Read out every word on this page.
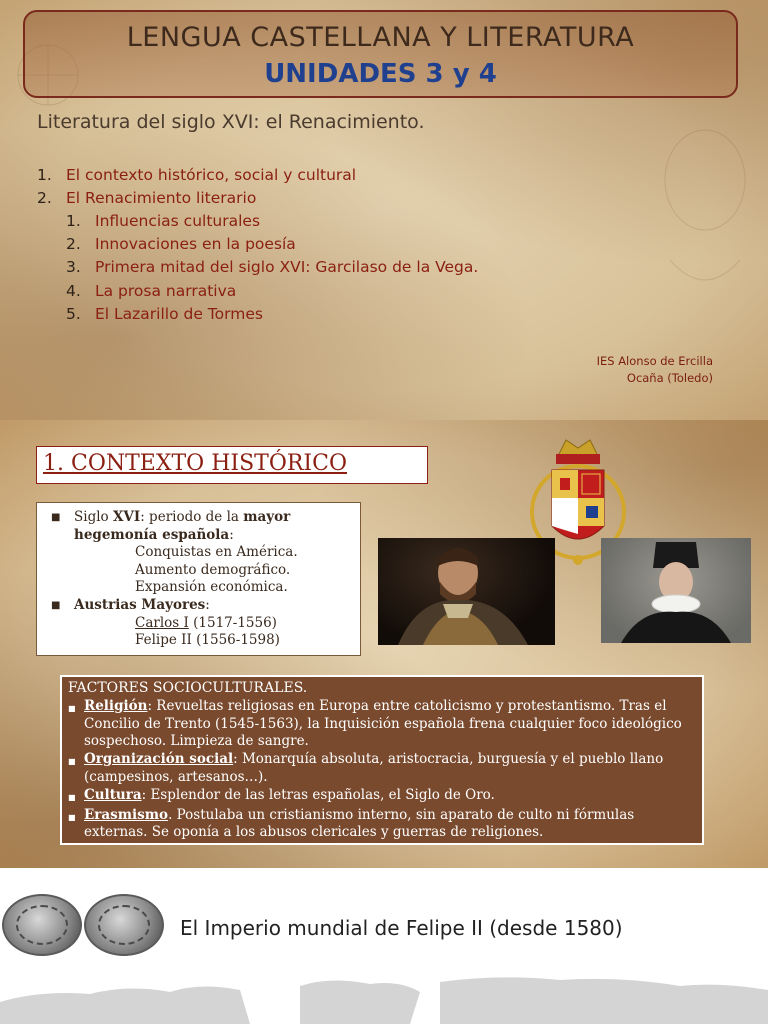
LENGUA CASTELLANA Y LITERATURA
UNIDADES 3 y 4
Literatura del siglo XVI: el Renacimiento.
1. El contexto histórico, social y cultural
2. El Renacimiento literario
1. Influencias culturales
2. Innovaciones en la poesía
3. Primera mitad del siglo XVI: Garcilaso de la Vega.
4. La prosa narrativa
5. El Lazarillo de Tormes
IES Alonso de Ercilla
Ocaña (Toledo)
1. CONTEXTO HISTÓRICO
■	Siglo XVI: periodo de la mayor
hegemonía española:
Conquistas en América.
Aumento demográfico.
Expansión económica.
■	Austrias Mayores:
Carlos I (1517-1556)
Felipe II (1556-1598)
FACTORES SOCIOCULTURALES.
■ Religión: Revueltas religiosas en Europa entre catolicismo y protestantismo. Tras el Concilio de Trento (1545-1563), la Inquisición española frena cualquier foco ideológico sospechoso. Limpieza de sangre.
■ Organización social: Monarquía absoluta, aristocracia, burguesía y el pueblo llano (campesinos, artesanos…).
■ Cultura: Esplendor de las letras españolas, el Siglo de Oro.
■ Erasmismo. Postulaba un cristianismo interno, sin aparato de culto ni fórmulas externas. Se oponía a los abusos clericales y guerras de religiones.
El Imperio mundial de Felipe II (desde 1580)
